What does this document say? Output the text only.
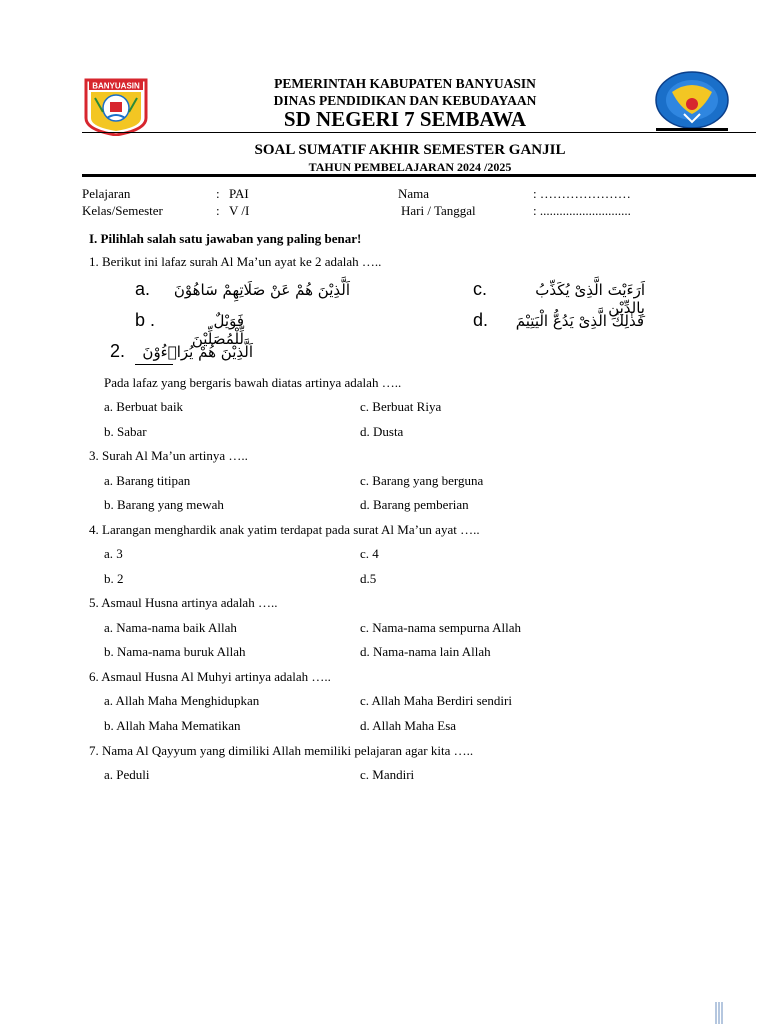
BANYUASIN	PEMERINTAH KABUPATEN BANYUASIN
DINAS PENDIDIKAN DAN KEBUDAYAAN
SD NEGERI 7 SEMBAWA
SOAL SUMATIF AKHIR SEMESTER GANJIL
TAHUN PEMBELAJARAN 2024 /2025
Pelajaran	: PAI	Nama	: …………………
Kelas/Semester	: V /I	Hari / Tanggal	: ............................
I. Pilihlah salah satu jawaban yang paling benar!
1. Berikut ini lafaz surah Al Ma’un ayat ke 2 adalah …..
a. اَلَّذِيْنَ هُمْ عَنْ صَلَاتِهِمْ سَاهُوْنَ	c.	اَرَءَيْتَ الَّذِىْ يُكَذِّبُ بِالدِّيْنِ
b .	فَوَيْلٌ لِّلْمُصَلِّيْنَ
d.	فَذٰلِكَ الَّذِىْ يَدُعُّ الْيَتِيْمَ
2.	اَلَّذِيْنَ هُمْ يُرَاۤءُوْنَ
Pada lafaz yang bergaris bawah diatas artinya adalah …..
a. Berbuat baik	c. Berbuat Riya
b. Sabar	d. Dusta
3. Surah Al Ma’un artinya …..
a. Barang titipan	c. Barang yang berguna
b. Barang yang mewah	d. Barang pemberian
4. Larangan menghardik anak yatim terdapat pada surat Al Ma’un ayat …..
a. 3	c. 4
b. 2	d.5
5. Asmaul Husna artinya adalah …..
a. Nama-nama baik Allah	c. Nama-nama sempurna Allah
b. Nama-nama buruk Allah	d. Nama-nama lain Allah
6. Asmaul Husna Al Muhyi artinya adalah …..
a. Allah Maha Menghidupkan	c. Allah Maha Berdiri sendiri
b. Allah Maha Mematikan	d. Allah Maha Esa
7. Nama Al Qayyum yang dimiliki Allah memiliki pelajaran agar kita …..
a. Peduli	c. Mandiri
